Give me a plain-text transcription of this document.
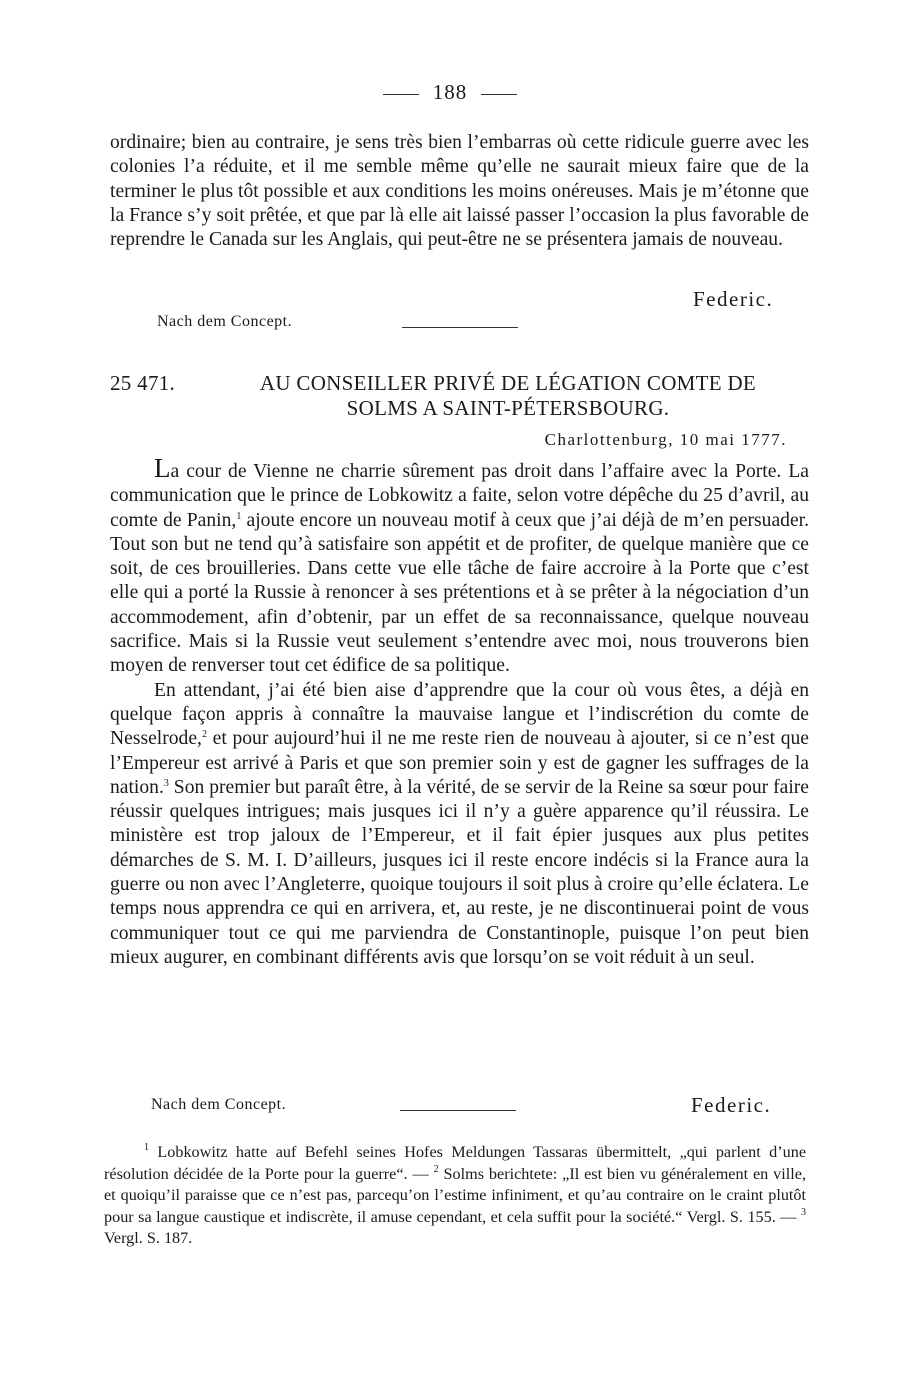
188

ordinaire; bien au contraire, je sens très bien l’embarras où cette ridicule guerre avec les colonies l’a réduite, et il me semble même qu’elle ne saurait mieux faire que de la terminer le plus tôt possible et aux conditions les moins onéreuses. Mais je m’étonne que la France s’y soit prêtée, et que par là elle ait laissé passer l’occasion la plus favorable de reprendre le Canada sur les Anglais, qui peut-être ne se présentera jamais de nouveau.

Federic.
Nach dem Concept.
25 471.	AU CONSEILLER PRIVÉ DE LÉGATION COMTE DE
SOLMS A SAINT-PÉTERSBOURG.
Charlottenburg, 10 mai 1777.

La cour de Vienne ne charrie sûrement pas droit dans l’affaire avec la Porte. La communication que le prince de Lobkowitz a faite, selon votre dépêche du 25 d’avril, au comte de Panin,$^1$ ajoute encore un nouveau motif à ceux que j’ai déjà de m’en persuader. Tout son but ne tend qu’à satisfaire son appétit et de profiter, de quelque manière que ce soit, de ces brouilleries. Dans cette vue elle tâche de faire accroire à la Porte que c’est elle qui a porté la Russie à renoncer à ses prétentions et à se prêter à la négociation d’un accommodement, afin d’obtenir, par un effet de sa reconnaissance, quelque nouveau sacrifice. Mais si la Russie veut seulement s’entendre avec moi, nous trouverons bien moyen de renverser tout cet édifice de sa politique.

En attendant, j’ai été bien aise d’apprendre que la cour où vous êtes, a déjà en quelque façon appris à connaître la mauvaise langue et l’indiscrétion du comte de Nesselrode,$^2$ et pour aujourd’hui il ne me reste rien de nouveau à ajouter, si ce n’est que l’Empereur est arrivé à Paris et que son premier soin y est de gagner les suffrages de la nation.$^3$ Son premier but paraît être, à la vérité, de se servir de la Reine sa sœur pour faire réussir quelques intrigues; mais jusques ici il n’y a guère apparence qu’il réussira. Le ministère est trop jaloux de l’Empereur, et il fait épier jusques aux plus petites démarches de S. M. I. D’ailleurs, jusques ici il reste encore indécis si la France aura la guerre ou non avec l’Angleterre, quoique toujours il soit plus à croire qu’elle éclatera. Le temps nous apprendra ce qui en arrivera, et, au reste, je ne discontinuerai point de vous communiquer tout ce qui me parviendra de Constantinople, puisque l’on peut bien mieux augurer, en combinant différents avis que lorsqu’on se voit réduit à un seul.

Nach dem Concept.	Federic.

$^1$ Lobkowitz hatte auf Befehl seines Hofes Meldungen Tassaras übermittelt, „qui parlent d’une résolution décidée de la Porte pour la guerre“. — $^2$ Solms berichtete: „Il est bien vu généralement en ville, et quoiqu’il paraisse que ce n’est pas, parcequ’on l’estime infiniment, et qu’au contraire on le craint plutôt pour sa langue caustique et indiscrète, il amuse cependant, et cela suffit pour la société.“ Vergl. S. 155. — $^3$ Vergl. S. 187.
